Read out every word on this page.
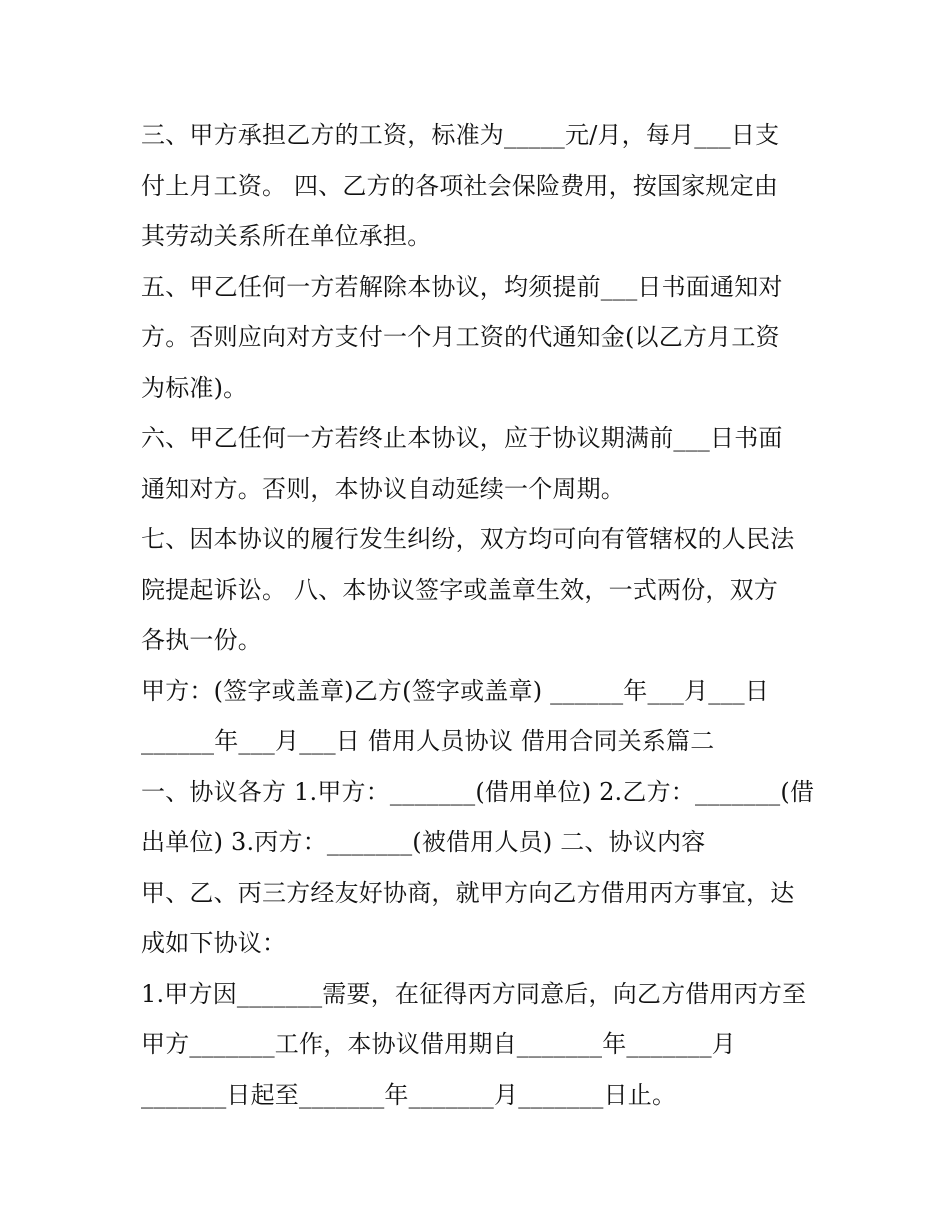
三、甲方承担乙方的工资，标准为_____元/月，每月___日支
付上月工资。 四、乙方的各项社会保险费用，按国家规定由
其劳动关系所在单位承担。
五、甲乙任何一方若解除本协议，均须提前___日书面通知对
方。否则应向对方支付一个月工资的代通知金(以乙方月工资
为标准)。
六、甲乙任何一方若终止本协议，应于协议期满前___日书面
通知对方。否则，本协议自动延续一个周期。
七、因本协议的履行发生纠纷，双方均可向有管辖权的人民法
院提起诉讼。 八、本协议签字或盖章生效，一式两份，双方
各执一份。
甲方：(签字或盖章)乙方(签字或盖章) ______年___月___日
______年___月___日 借用人员协议 借用合同关系篇二
一、协议各方 1.甲方：_______(借用单位) 2.乙方：_______(借
出单位) 3.丙方：_______(被借用人员) 二、协议内容
甲、乙、丙三方经友好协商，就甲方向乙方借用丙方事宜，达
成如下协议：
1.甲方因_______需要，在征得丙方同意后，向乙方借用丙方至
甲方_______工作，本协议借用期自_______年_______月
_______日起至_______年_______月_______日止。
